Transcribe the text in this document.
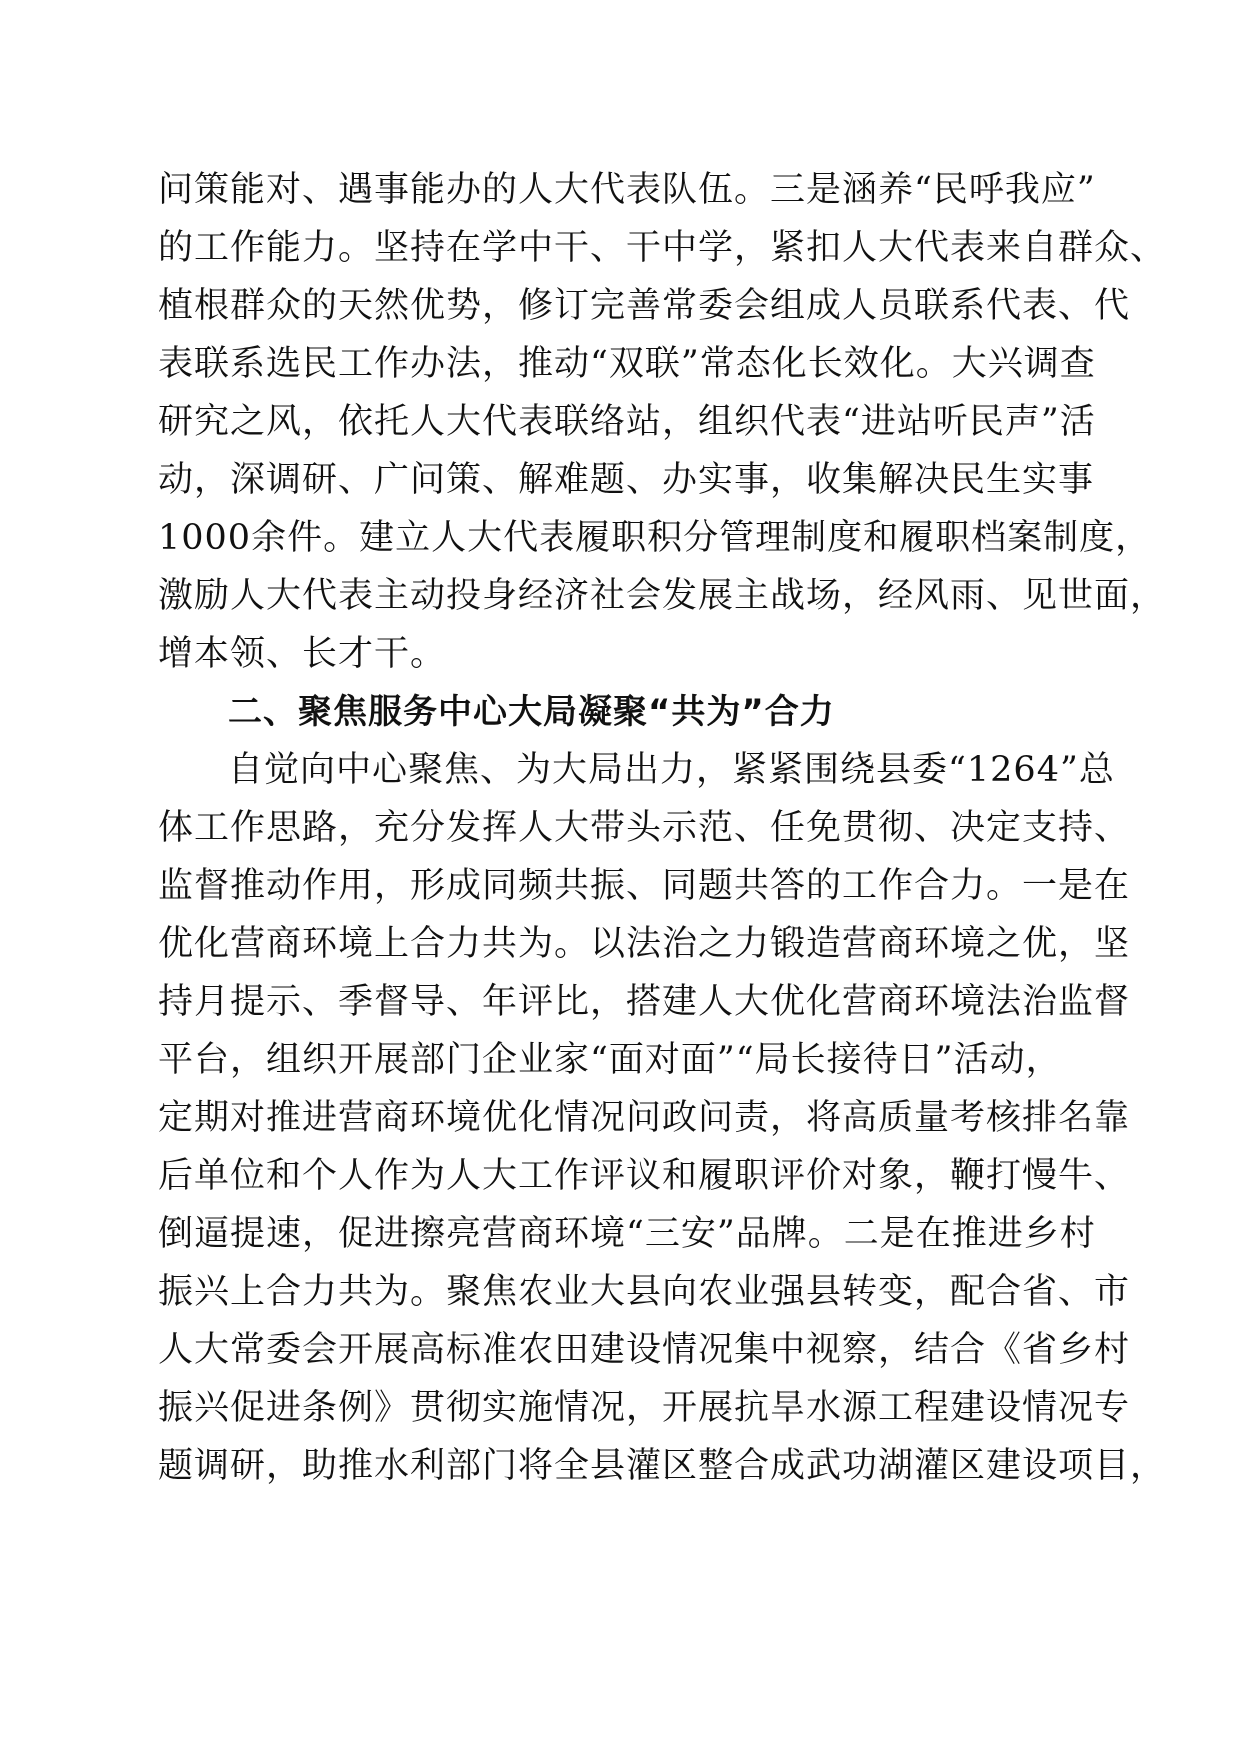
问策能对、遇事能办的人大代表队伍。三是涵养“民呼我应”
的工作能力。坚持在学中干、干中学，紧扣人大代表来自群众、
植根群众的天然优势，修订完善常委会组成人员联系代表、代
表联系选民工作办法，推动“双联”常态化长效化。大兴调查
研究之风，依托人大代表联络站，组织代表“进站听民声”活
动，深调研、广问策、解难题、办实事，收集解决民生实事
1000余件。建立人大代表履职积分管理制度和履职档案制度，
激励人大代表主动投身经济社会发展主战场，经风雨、见世面，
增本领、长才干。
二、聚焦服务中心大局凝聚“共为”合力
自觉向中心聚焦、为大局出力，紧紧围绕县委“1264”总
体工作思路，充分发挥人大带头示范、任免贯彻、决定支持、
监督推动作用，形成同频共振、同题共答的工作合力。一是在
优化营商环境上合力共为。以法治之力锻造营商环境之优，坚
持月提示、季督导、年评比，搭建人大优化营商环境法治监督
平台，组织开展部门企业家“面对面”“局长接待日”活动，
定期对推进营商环境优化情况问政问责，将高质量考核排名靠
后单位和个人作为人大工作评议和履职评价对象，鞭打慢牛、
倒逼提速，促进擦亮营商环境“三安”品牌。二是在推进乡村
振兴上合力共为。聚焦农业大县向农业强县转变，配合省、市
人大常委会开展高标准农田建设情况集中视察，结合《省乡村
振兴促进条例》贯彻实施情况，开展抗旱水源工程建设情况专
题调研，助推水利部门将全县灌区整合成武功湖灌区建设项目，
